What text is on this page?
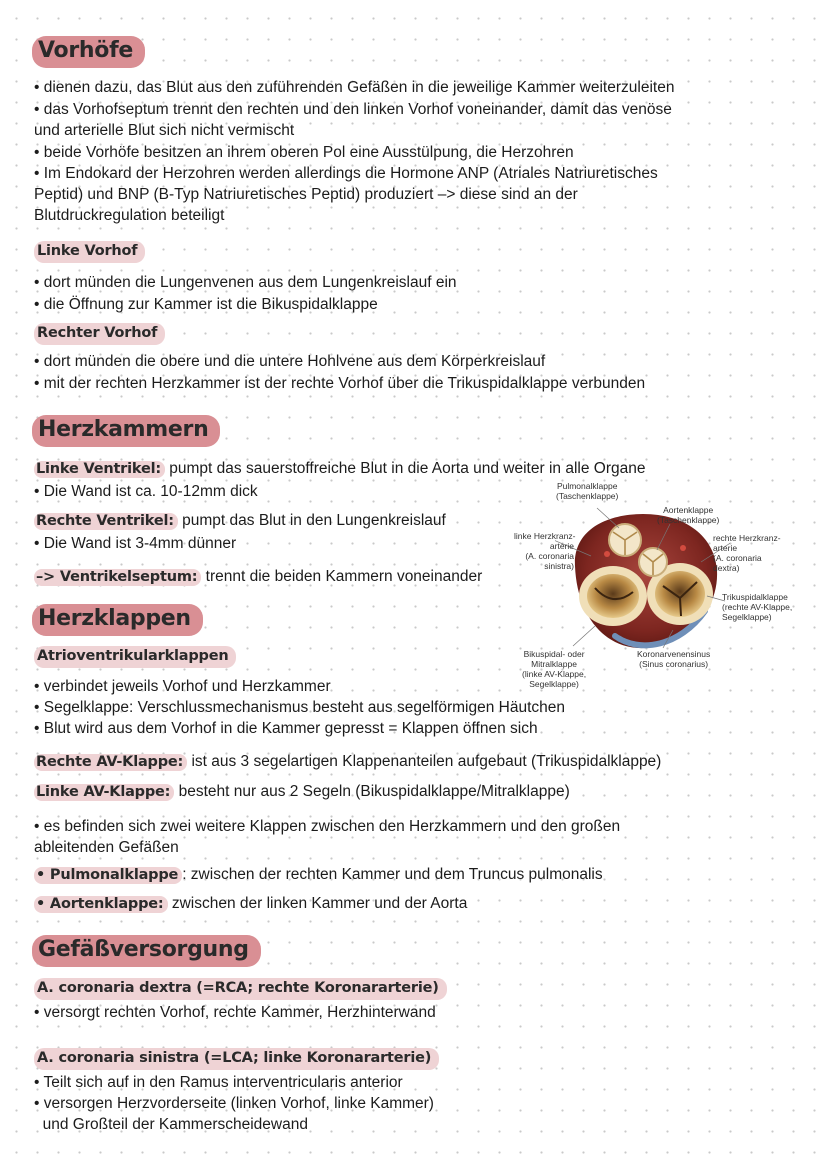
Vorhöfe
• dienen dazu, das Blut aus den zuführenden Gefäßen in die jeweilige Kammer weiterzuleiten
• das Vorhofseptum trennt den rechten und den linken Vorhof voneinander, damit das venöse
und arterielle Blut sich nicht vermischt
• beide Vorhöfe besitzen an ihrem oberen Pol eine Ausstülpung, die Herzohren
• Im Endokard der Herzohren werden allerdings die Hormone ANP (Atriales Natriuretisches
Peptid) und BNP (B-Typ Natriuretisches Peptid) produziert –> diese sind an der
Blutdruckregulation beteiligt
Linke Vorhof
• dort münden die Lungenvenen aus dem Lungenkreislauf ein
• die Öffnung zur Kammer ist die Bikuspidalklappe
Rechter Vorhof
• dort münden die obere und die untere Hohlvene aus dem Körperkreislauf
• mit der rechten Herzkammer ist der rechte Vorhof über die Trikuspidalklappe verbunden
Herzkammern
Linke Ventrikel: pumpt das sauerstoffreiche Blut in die Aorta und weiter in alle Organe
• Die Wand ist ca. 10-12mm dick
Rechte Ventrikel: pumpt das Blut in den Lungenkreislauf
• Die Wand ist 3-4mm dünner
–> Ventrikelseptum: trennt die beiden Kammern voneinander
Pulmonalklappe
(Taschenklappe)
Aortenklappe
(Taschenklappe)
linke Herzkranz-
arterie
(A. coronaria
sinistra)
rechte Herzkranz-
arterie
(A. coronaria
dextra)
Trikuspidalklappe
(rechte AV-Klappe,
Segelklappe)
Bikuspidal- oder
Mitralklappe
(linke AV-Klappe,
Segelklappe)
Koronarvenensinus
(Sinus coronarius)
Herzklappen
Atrioventrikularklappen
• verbindet jeweils Vorhof und Herzkammer
• Segelklappe: Verschlussmechanismus besteht aus segelförmigen Häutchen
• Blut wird aus dem Vorhof in die Kammer gepresst = Klappen öffnen sich
Rechte AV-Klappe: ist aus 3 segelartigen Klappenanteilen aufgebaut (Trikuspidalklappe)
Linke AV-Klappe: besteht nur aus 2 Segeln (Bikuspidalklappe/Mitralklappe)
• es befinden sich zwei weitere Klappen zwischen den Herzkammern und den großen
ableitenden Gefäßen
• Pulmonalklappe : zwischen der rechten Kammer und dem Truncus pulmonalis
• Aortenklappe: zwischen der linken Kammer und der Aorta
Gefäßversorgung
A. coronaria dextra (=RCA; rechte Koronararterie)
• versorgt rechten Vorhof, rechte Kammer, Herzhinterwand
A. coronaria sinistra (=LCA; linke Koronararterie)
• Teilt sich auf in den Ramus interventricularis anterior
• versorgen Herzvorderseite (linken Vorhof, linke Kammer)
und Großteil der Kammerscheidewand
